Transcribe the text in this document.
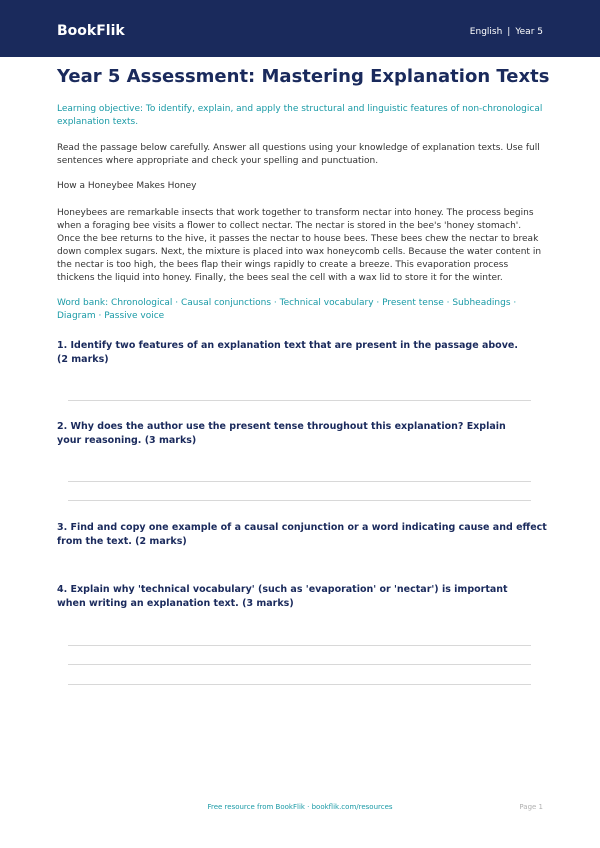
BookFlik	English | Year 5
Year 5 Assessment: Mastering Explanation Texts
Learning objective: To identify, explain, and apply the structural and linguistic features of non-chronological explanation texts.
Read the passage below carefully. Answer all questions using your knowledge of explanation texts. Use full sentences where appropriate and check your spelling and punctuation.
How a Honeybee Makes Honey
Honeybees are remarkable insects that work together to transform nectar into honey. The process begins when a foraging bee visits a flower to collect nectar. The nectar is stored in the bee's 'honey stomach'. Once the bee returns to the hive, it passes the nectar to house bees. These bees chew the nectar to break down complex sugars. Next, the mixture is placed into wax honeycomb cells. Because the water content in the nectar is too high, the bees flap their wings rapidly to create a breeze. This evaporation process thickens the liquid into honey. Finally, the bees seal the cell with a wax lid to store it for the winter.
Word bank: Chronological · Causal conjunctions · Technical vocabulary · Present tense · Subheadings · Diagram · Passive voice
1. Identify two features of an explanation text that are present in the passage above. (2 marks)
2. Why does the author use the present tense throughout this explanation? Explain your reasoning. (3 marks)
3. Find and copy one example of a causal conjunction or a word indicating cause and effect from the text. (2 marks)
4. Explain why 'technical vocabulary' (such as 'evaporation' or 'nectar') is important when writing an explanation text. (3 marks)
Free resource from BookFlik · bookflik.com/resources	Page 1
